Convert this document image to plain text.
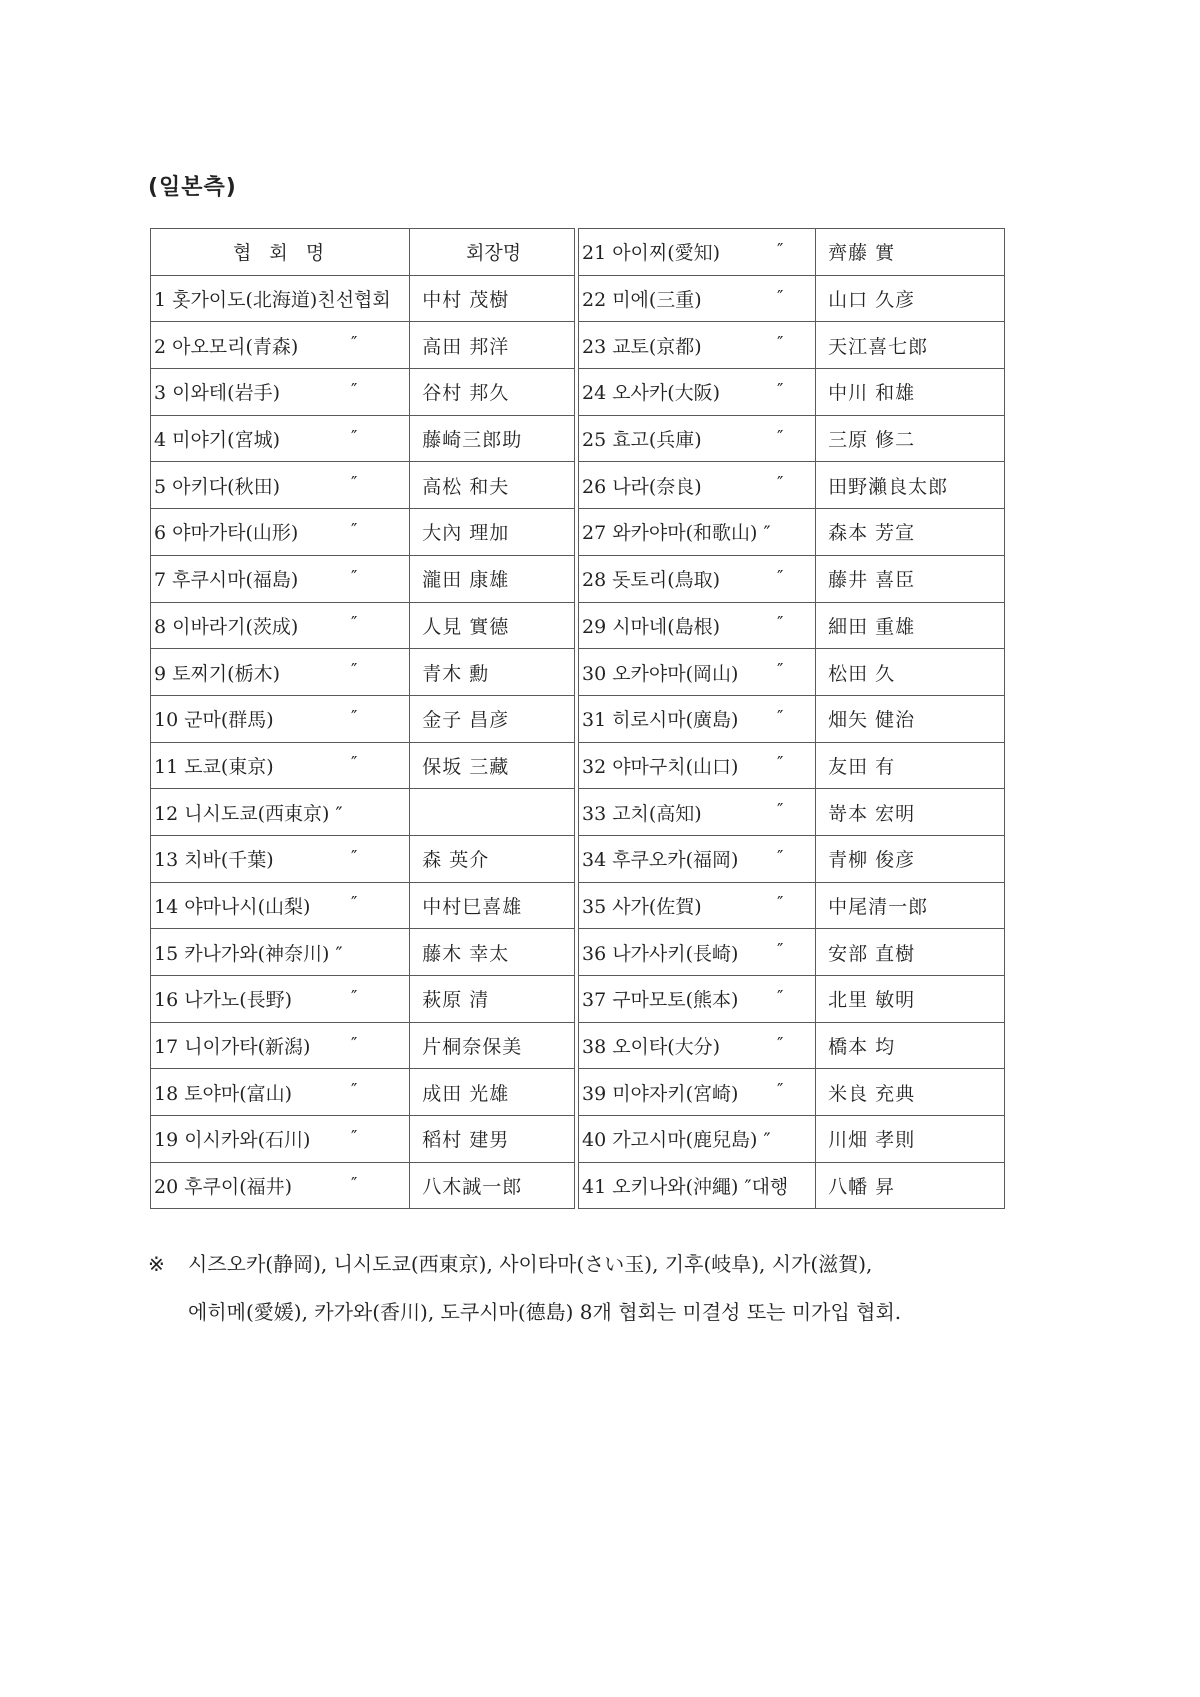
(일본측)
협 회 명	회장명
1 홋가이도(北海道)친선협회	中村 茂樹
2 아오모리(青森) ″	高田 邦洋
3 이와테(岩手) ″	谷村 邦久
4 미야기(宮城) ″	藤崎三郎助
5 아키다(秋田) ″	高松 和夫
6 야마가타(山形) ″	大內 理加
7 후쿠시마(福島) ″	瀧田 康雄
8 이바라기(茨成) ″	人見 實德
9 토찌기(栃木) ″	青木 勳
10 군마(群馬) ″	金子 昌彦
11 도쿄(東京) ″	保坂 三藏
12 니시도쿄(西東京) ″

13 치바(千葉) ″	森 英介
14 야마나시(山梨) ″	中村巳喜雄
15 카나가와(神奈川) ″	藤木 幸太
16 나가노(長野) ″	萩原 清
17 니이가타(新潟) ″	片桐奈保美
18 토야마(富山) ″	成田 光雄
19 이시카와(石川) ″	稻村 建男
20 후쿠이(福井) ″	八木誠一郎
21 아이찌(愛知) ″	齊藤 實
22 미에(三重) ″	山口 久彦
23 교토(京都) ″	天江喜七郎
24 오사카(大阪) ″	中川 和雄
25 효고(兵庫) ″	三原 修二
26 나라(奈良) ″	田野瀨良太郎
27 와카야마(和歌山) ″	森本 芳宣
28 돗토리(鳥取) ″	藤井 喜臣
29 시마네(島根) ″	細田 重雄
30 오카야마(岡山) ″	松田 久
31 히로시마(廣島) ″	畑矢 健治
32 야마구치(山口) ″	友田 有
33 고치(高知) ″	嵜本 宏明
34 후쿠오카(福岡) ″	青柳 俊彦
35 사가(佐賀) ″	中尾清一郎
36 나가사키(長崎) ″	安部 直樹
37 구마모토(熊本) ″	北里 敏明
38 오이타(大分) ″	橋本 均
39 미야자키(宮崎) ″	米良 充典
40 가고시마(鹿兒島) ″	川畑 孝則
41 오키나와(沖繩) ″대행	八幡 昇
※ 시즈오카(静岡), 니시도쿄(西東京), 사이타마(さい玉), 기후(岐阜), 시가(滋賀),
에히메(愛媛), 카가와(香川), 도쿠시마(德島) 8개 협회는 미결성 또는 미가입 협회.
